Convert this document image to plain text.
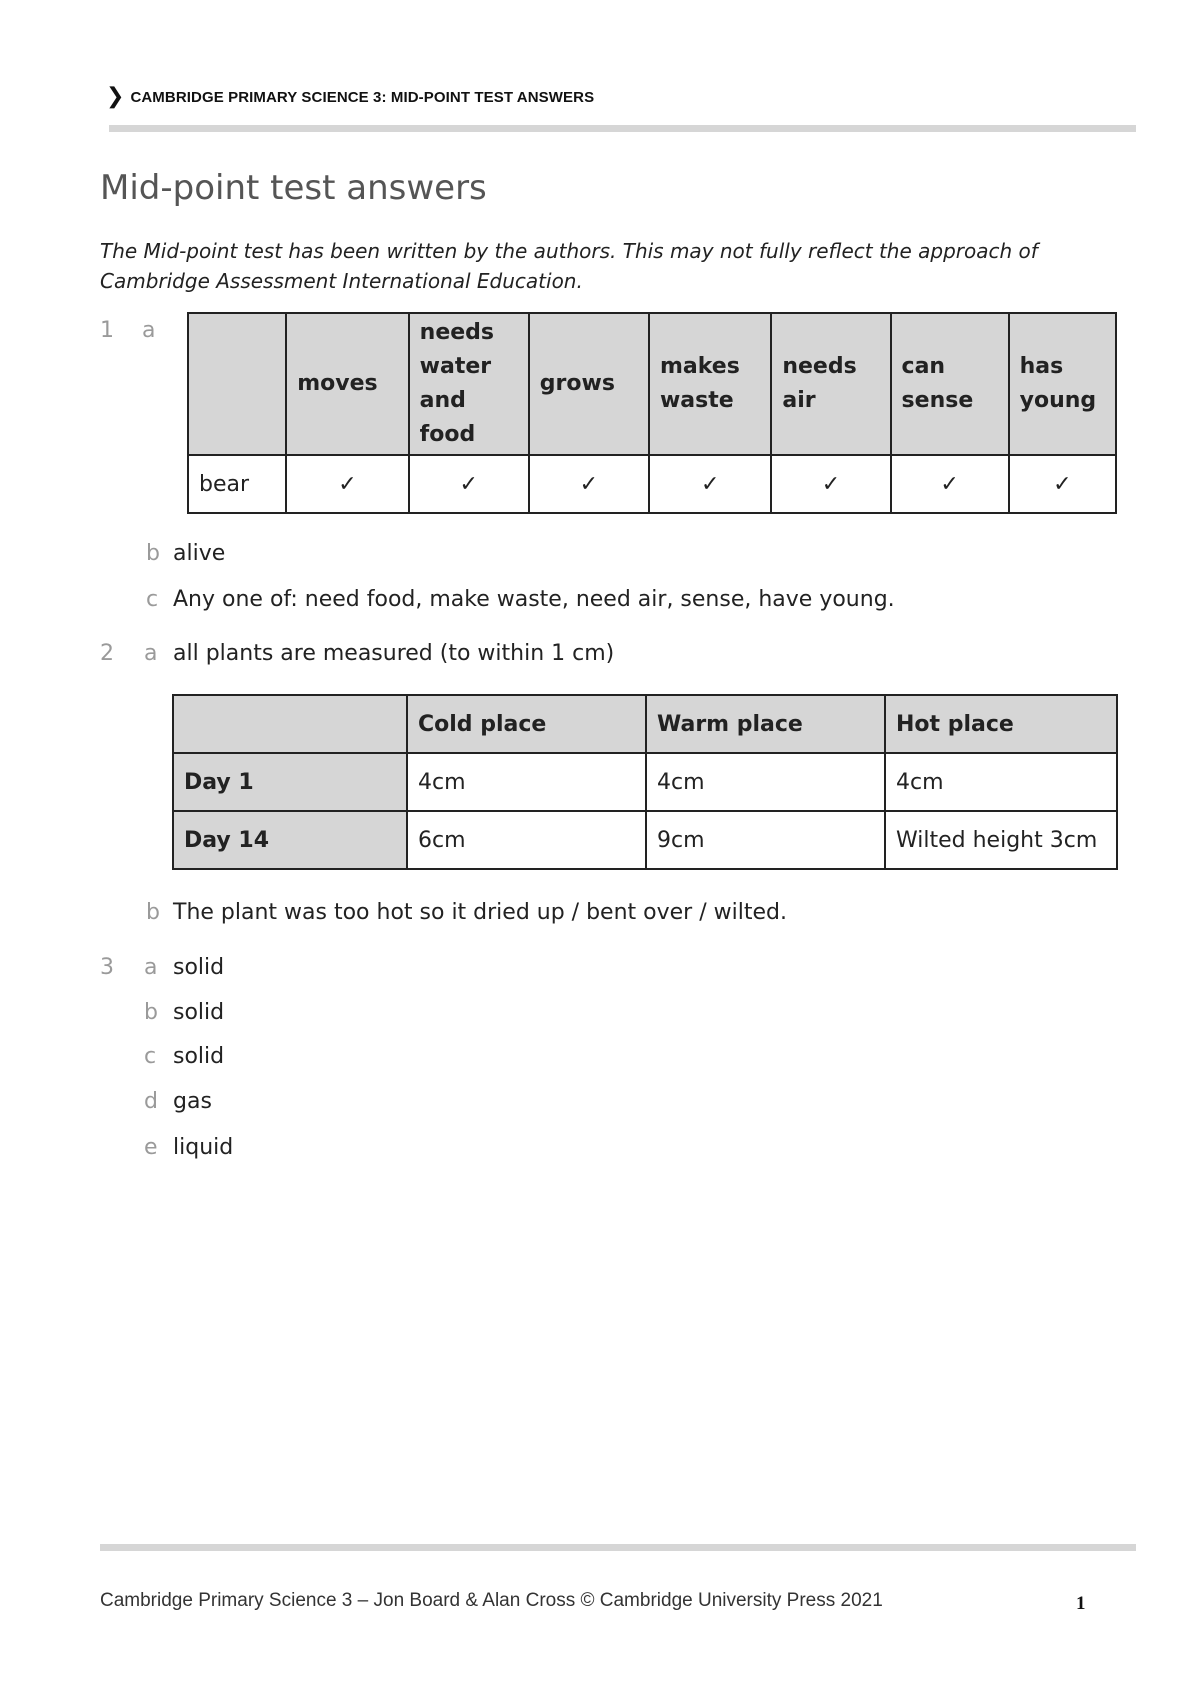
❯ CAMBRIDGE PRIMARY SCIENCE 3: MID-POINT TEST ANSWERS
Mid-point test answers

The Mid-point test has been written by the authors. This may not fully reflect the approach of Cambridge Assessment International Education.

1 a
	moves	needs water and food	grows	makes waste	needs air	can sense	has young
bear	✓	✓	✓	✓	✓	✓	✓
b alive
c Any one of: need food, make waste, need air, sense, have young.
2 a all plants are measured (to within 1 cm)
	Cold place	Warm place	Hot place
Day 1	4cm	4cm	4cm
Day 14	6cm	9cm	Wilted height 3cm
b The plant was too hot so it dried up / bent over / wilted.
3 a solid
b solid
c solid
d gas
e liquid
Cambridge Primary Science 3 – Jon Board & Alan Cross © Cambridge University Press 2021	1
